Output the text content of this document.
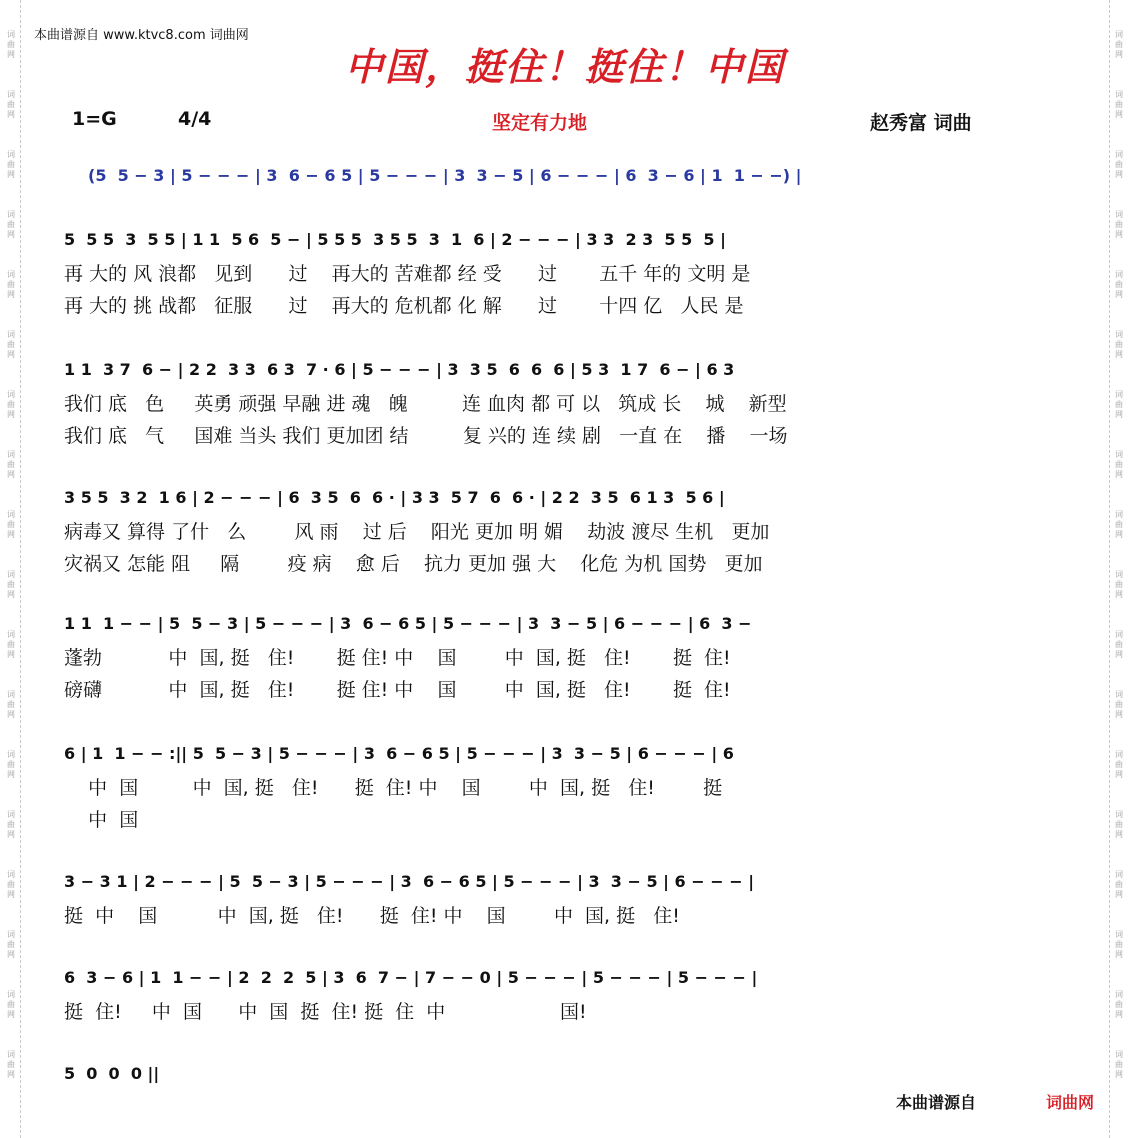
词
曲
网
词
曲
网
词
曲
网
词
曲
网
词
曲
网
词
曲
网
词
曲
网
词
曲
网
词
曲
网
词
曲
网
词
曲
网
词
曲
网
词
曲
网
词
曲
网
词
曲
网
词
曲
网
词
曲
网
词
曲
网
词
曲
网
词
曲
网
词
曲
网
词
曲
网
词
曲
网
词
曲
网
词
曲
网
词
曲
网
词
曲
网
词
曲
网
词
曲
网
词
曲
网
词
曲
网
词
曲
网
词
曲
网
词
曲
网
词
曲
网
词
曲
网
本曲谱源自 www.ktvc8.com 词曲网
中国，挺住！挺住！中国
1=G	4/4	坚定有力地	赵秀富 词曲
(5  5 − 3 | 5 − − − | 3  6 − 6 5 | 5 − − − | 3  3 − 5 | 6 − − − | 6  3 − 6 | 1  1 − −) |
5  5 5  3  5 5 | 1 1  5 6  5 − | 5 5 5  3 5 5  3  1  6 | 2 − − − | 3 3  2 3  5 5  5 |
再 大的 风 浪都   见到      过    再大的 苦难都 经 受      过       五千 年的 文明 是
再 大的 挑 战都   征服      过    再大的 危机都 化 解      过       十四 亿   人民 是
1 1  3 7  6 − | 2 2  3 3  6 3  7 · 6 | 5 − − − | 3  3 5  6  6  6 | 5 3  1 7  6 − | 6 3
我们 底   色     英勇 顽强 早融 进 魂   魄         连 血肉 都 可 以   筑成 长    城    新型
我们 底   气     国难 当头 我们 更加团 结         复 兴的 连 续 剧   一直 在    播    一场
3 5 5  3 2  1 6 | 2 − − − | 6  3 5  6  6 · | 3 3  5 7  6  6 · | 2 2  3 5  6 1 3  5 6 |
病毒又 算得 了什   么        风 雨    过 后    阳光 更加 明 媚    劫波 渡尽 生机   更加
灾祸又 怎能 阻     隔        疫 病    愈 后    抗力 更加 强 大    化危 为机 国势   更加
1 1  1 − − | 5  5 − 3 | 5 − − − | 3  6 − 6 5 | 5 − − − | 3  3 − 5 | 6 − − − | 6  3 −
蓬勃           中  国, 挺   住!       挺 住! 中    国        中  国, 挺   住!       挺  住!
磅礴           中  国, 挺   住!       挺 住! 中    国        中  国, 挺   住!       挺  住!
6 | 1  1 − − :|| 5  5 − 3 | 5 − − − | 3  6 − 6 5 | 5 − − − | 3  3 − 5 | 6 − − − | 6
中  国         中  国, 挺   住!      挺  住! 中    国        中  国, 挺   住!        挺
中  国
3 − 3 1 | 2 − − − | 5  5 − 3 | 5 − − − | 3  6 − 6 5 | 5 − − − | 3  3 − 5 | 6 − − − |
挺  中    国          中  国, 挺   住!      挺  住! 中    国        中  国, 挺   住!
6  3 − 6 | 1  1 − − | 2  2  2  5 | 3  6  7 − | 7 − − 0 | 5 − − − | 5 − − − | 5 − − − |
挺  住!     中  国      中  国  挺  住! 挺  住  中                   国!
5  0  0  0 ||
本曲谱源自	词曲网
